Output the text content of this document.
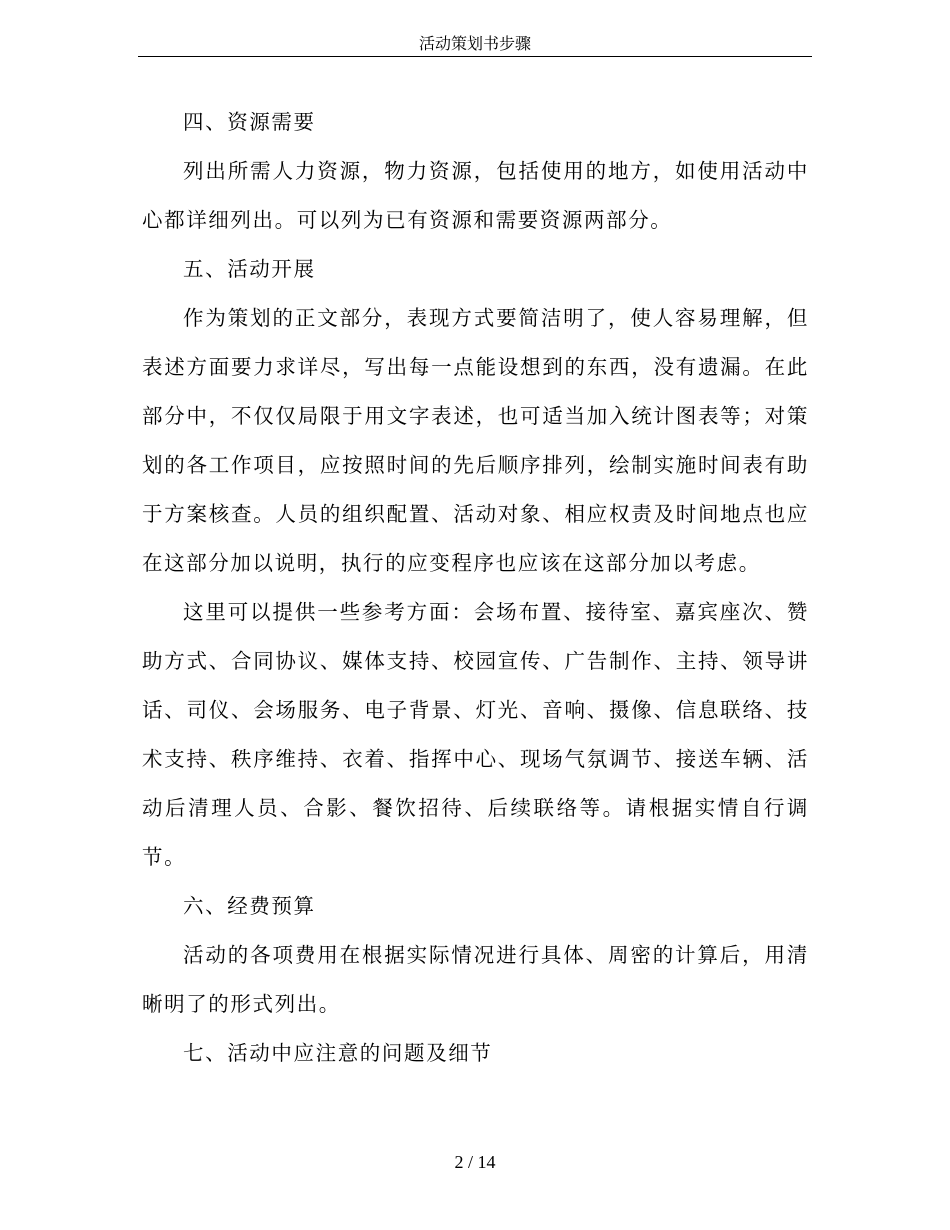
活动策划书步骤

四、资源需要

列出所需人力资源，物力资源，包括使用的地方，如使用活动中心都详细列出。可以列为已有资源和需要资源两部分。

五、活动开展

作为策划的正文部分，表现方式要简洁明了，使人容易理解，但表述方面要力求详尽，写出每一点能设想到的东西，没有遗漏。在此部分中，不仅仅局限于用文字表述，也可适当加入统计图表等；对策划的各工作项目，应按照时间的先后顺序排列，绘制实施时间表有助于方案核查。人员的组织配置、活动对象、相应权责及时间地点也应在这部分加以说明，执行的应变程序也应该在这部分加以考虑。

这里可以提供一些参考方面：会场布置、接待室、嘉宾座次、赞助方式、合同协议、媒体支持、校园宣传、广告制作、主持、领导讲话、司仪、会场服务、电子背景、灯光、音响、摄像、信息联络、技术支持、秩序维持、衣着、指挥中心、现场气氛调节、接送车辆、活动后清理人员、合影、餐饮招待、后续联络等。请根据实情自行调节。

六、经费预算

活动的各项费用在根据实际情况进行具体、周密的计算后，用清晰明了的形式列出。

七、活动中应注意的问题及细节

2 / 14
